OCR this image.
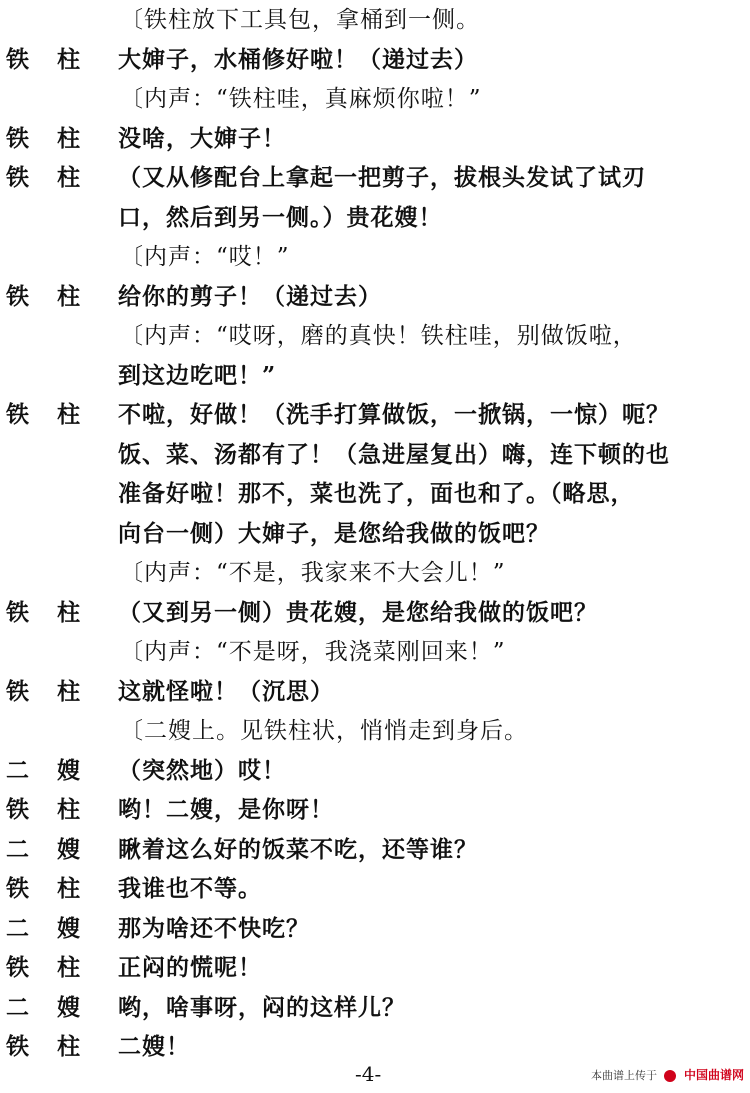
〔铁柱放下工具包，拿桶到一侧。
铁柱 大婶子，水桶修好啦！（递过去）
〔内声：“铁柱哇，真麻烦你啦！”
铁柱 没啥，大婶子！
铁柱 （又从修配台上拿起一把剪子，拔根头发试了试刃
口，然后到另一侧。）贵花嫂！
〔内声：“哎！”
铁柱 给你的剪子！（递过去）
〔内声：“哎呀，磨的真快！铁柱哇，别做饭啦，
到这边吃吧！”
铁柱 不啦，好做！（洗手打算做饭，一掀锅，一惊）呃？
饭、菜、汤都有了！（急进屋复出）嗨，连下顿的也
准备好啦！那不，菜也洗了，面也和了。（略思，
向台一侧）大婶子，是您给我做的饭吧？
〔内声：“不是，我家来不大会儿！”
铁柱 （又到另一侧）贵花嫂，是您给我做的饭吧？
〔内声：“不是呀，我浇菜刚回来！”
铁柱 这就怪啦！（沉思）
〔二嫂上。见铁柱状，悄悄走到身后。
二嫂 （突然地）哎！
铁柱 哟！二嫂，是你呀！
二嫂 瞅着这么好的饭菜不吃，还等谁？
铁柱 我谁也不等。
二嫂 那为啥还不快吃？
铁柱 正闷的慌呢！
二嫂 哟，啥事呀，闷的这样儿？
铁柱 二嫂！
-4-	本曲谱上传于 中国曲谱网
